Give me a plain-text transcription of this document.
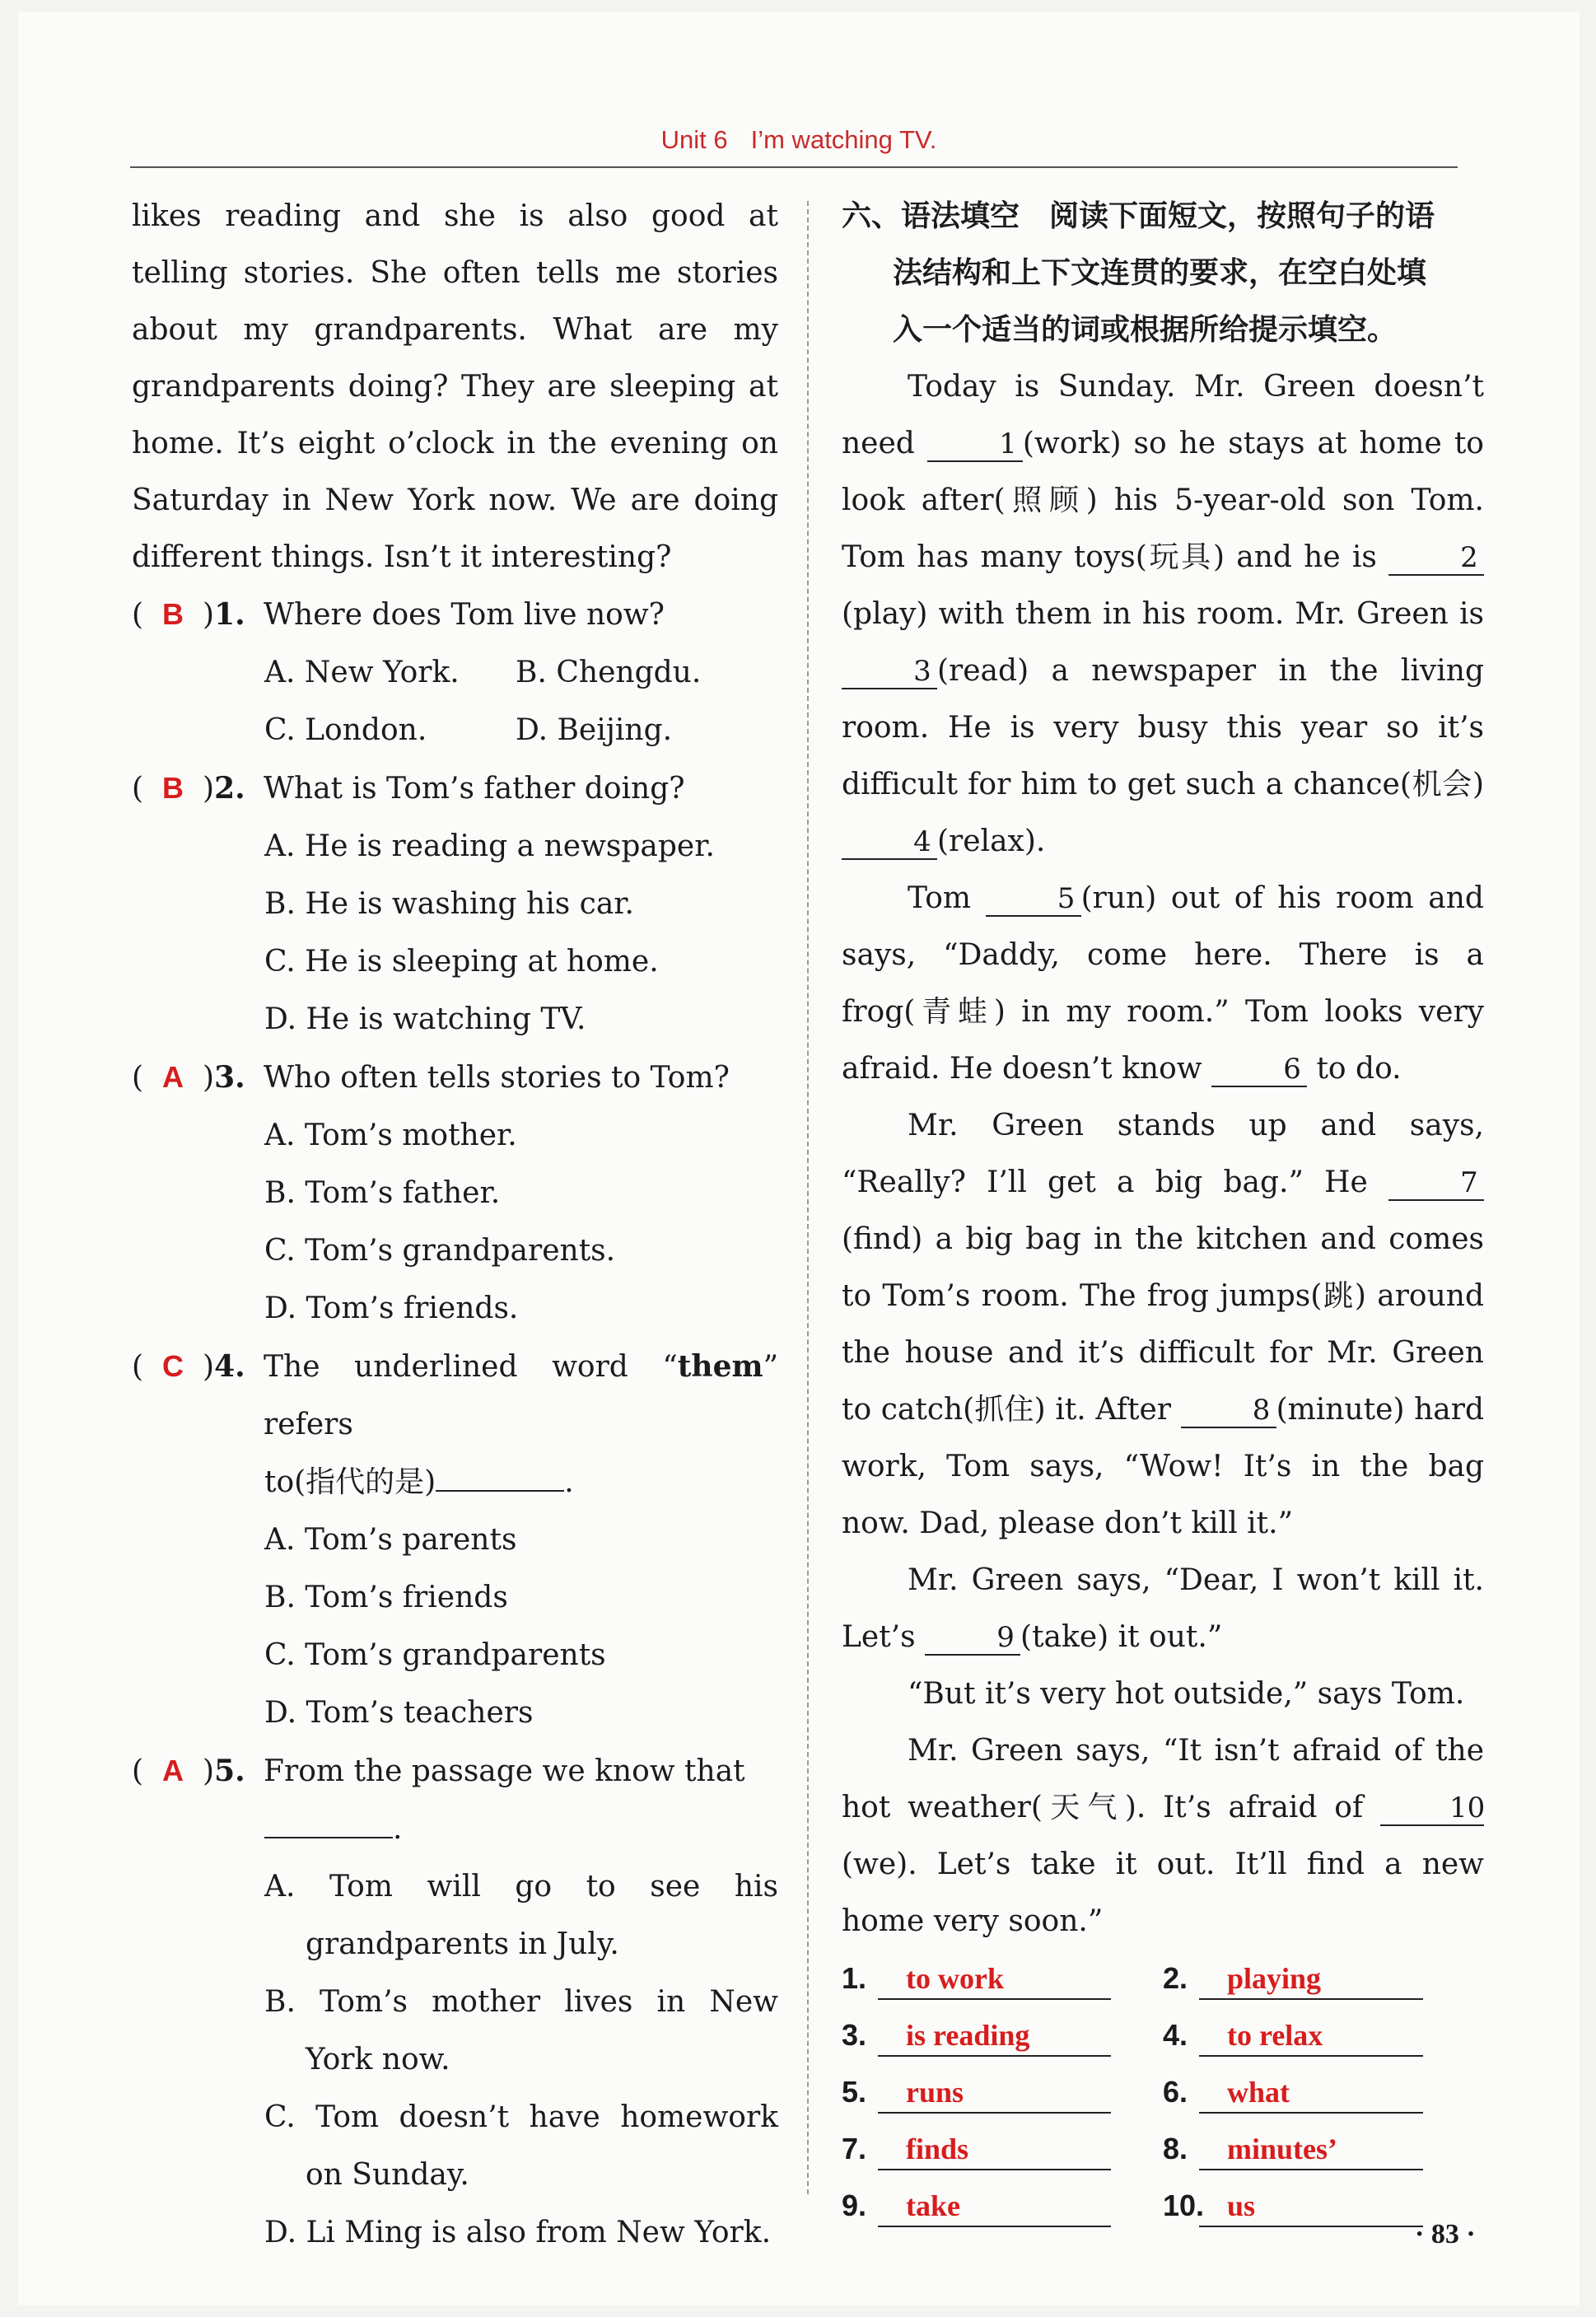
Unit 6 I’m watching TV.

likes reading and she is also good at telling stories. She often tells me stories about my grandparents. What are my grandparents doing? They are sleeping at home. It’s eight o’clock in the evening on Saturday in New York now. We are doing different things. Isn’t it interesting?

( B )1. Where does Tom live now?
A. New York.	B. Chengdu.
C. London.	D. Beijing.
( B )2. What is Tom’s father doing?
A. He is reading a newspaper.
B. He is washing his car.
C. He is sleeping at home.
D. He is watching TV.
( A )3. Who often tells stories to Tom?
A. Tom’s mother.
B. Tom’s father.
C. Tom’s grandparents.
D. Tom’s friends.
( C )4. The underlined word “them” refers
to(指代的是)	.
A. Tom’s parents
B. Tom’s friends
C. Tom’s grandparents
D. Tom’s teachers
( A )5. From the passage we know that
.
A. Tom will go to see his grandparents in July.
B. Tom’s mother lives in New York now.
C. Tom doesn’t have homework on Sunday.
D. Li Ming is also from New York.
六、语法填空　阅读下面短文，按照句子的语
法结构和上下文连贯的要求，在空白处填
入一个适当的词或根据所给提示填空。

Today is Sunday. Mr. Green doesn’t need	1 (work) so he stays at home to look after(照顾) his 5-year-old son Tom. Tom has many toys(玩具) and he is	2 (play) with them in his room. Mr. Green is 3 (read) a newspaper in the living room. He is very busy this year so it’s difficult for him to get such a chance(机会) 4 (relax).

Tom	5 (run) out of his room and says, “Daddy, come here. There is a frog(青蛙) in my room.” Tom looks very afraid. He doesn’t know	6 to do.

Mr. Green stands up and says, “Really? I’ll get a big bag.” He	7(find) a big bag in the kitchen and comes to Tom’s room. The frog jumps(跳) around the house and it’s difficult for Mr. Green to catch(抓住) it. After	8 (minute) hard work, Tom says, “Wow! It’s in the bag now. Dad, please don’t kill it.”

Mr. Green says, “Dear, I won’t kill it. Let’s	9 (take) it out.”

“But it’s very hot outside,” says Tom.

Mr. Green says, “It isn’t afraid of the hot weather(天气). It’s afraid of 10(we). Let’s take it out. It’ll find a new home very soon.”

1.	to work	2.	playing
3.	is reading	4.	to relax
5.	runs	6.	what
7.	finds	8.	minutes’
9.	take	10. us
· 83 ·
